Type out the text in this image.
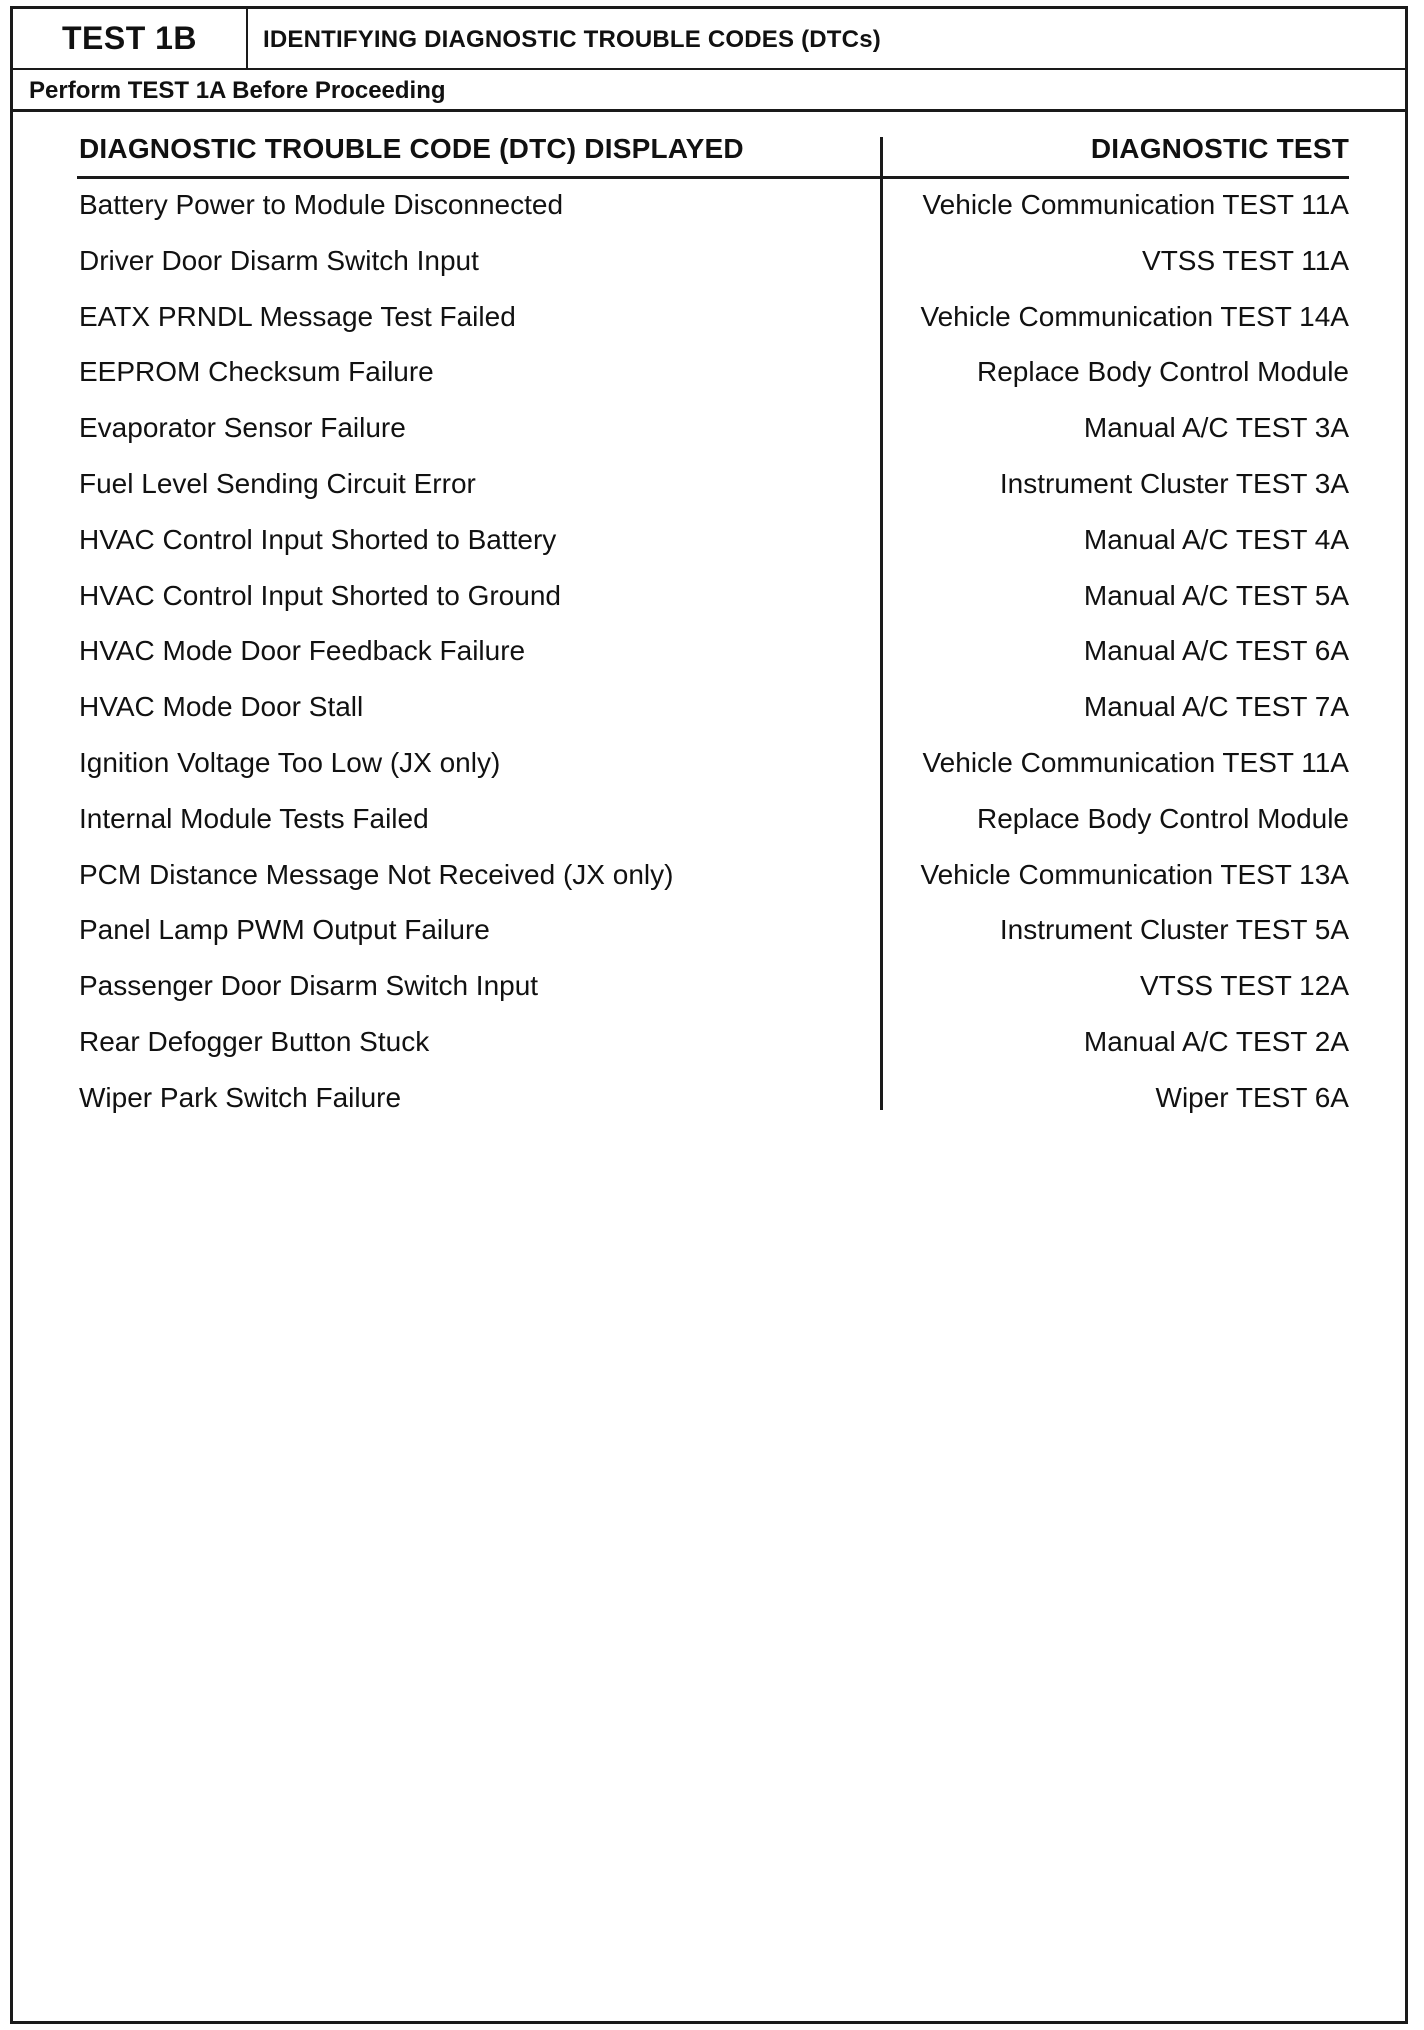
TEST 1B	IDENTIFYING DIAGNOSTIC TROUBLE CODES (DTCs)
Perform TEST 1A Before Proceeding
DIAGNOSTIC TROUBLE CODE (DTC) DISPLAYED	DIAGNOSTIC TEST
Battery Power to Module Disconnected	Vehicle Communication TEST 11A
Driver Door Disarm Switch Input	VTSS TEST 11A
EATX PRNDL Message Test Failed	Vehicle Communication TEST 14A
EEPROM Checksum Failure	Replace Body Control Module
Evaporator Sensor Failure	Manual A/C TEST 3A
Fuel Level Sending Circuit Error	Instrument Cluster TEST 3A
HVAC Control Input Shorted to Battery	Manual A/C TEST 4A
HVAC Control Input Shorted to Ground	Manual A/C TEST 5A
HVAC Mode Door Feedback Failure	Manual A/C TEST 6A
HVAC Mode Door Stall	Manual A/C TEST 7A
Ignition Voltage Too Low (JX only)	Vehicle Communication TEST 11A
Internal Module Tests Failed	Replace Body Control Module
PCM Distance Message Not Received (JX only)	Vehicle Communication TEST 13A
Panel Lamp PWM Output Failure	Instrument Cluster TEST 5A
Passenger Door Disarm Switch Input	VTSS TEST 12A
Rear Defogger Button Stuck	Manual A/C TEST 2A
Wiper Park Switch Failure	Wiper TEST 6A
